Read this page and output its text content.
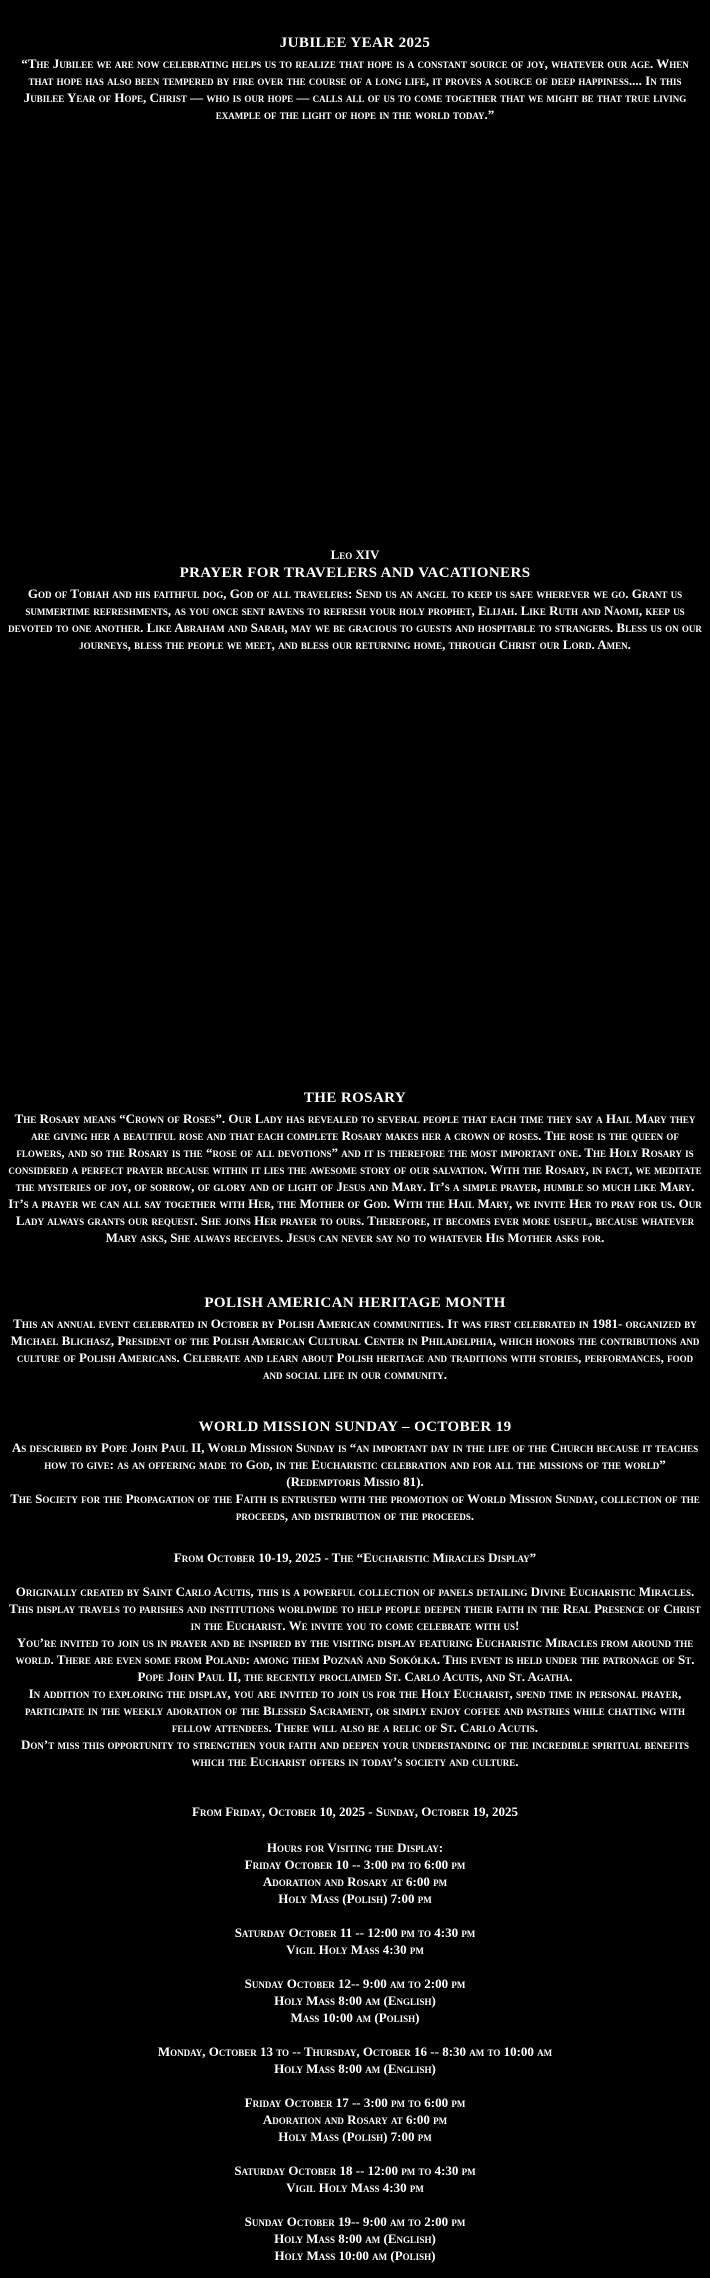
JUBILEE YEAR 2025
“The Jubilee we are now celebrating helps us to realize that hope is a constant source of joy, whatever our age. When that hope has also been tempered by fire over the course of a long life, it proves a source of deep happiness.... In this Jubilee Year of Hope, Christ — who is our hope — calls all of us to come together that we might be that true living example of the light of hope in the world today.”
Leo XIV
PRAYER FOR TRAVELERS AND VACATIONERS
God of Tobiah and his faithful dog, God of all travelers: Send us an angel to keep us safe wherever we go. Grant us summertime refreshments, as you once sent ravens to refresh your holy prophet, Elijah. Like Ruth and Naomi, keep us devoted to one another. Like Abraham and Sarah, may we be gracious to guests and hospitable to strangers. Bless us on our journeys, bless the people we meet, and bless our returning home, through Christ our Lord. Amen.
THE ROSARY
The Rosary means “Crown of Roses”. Our Lady has revealed to several people that each time they say a Hail Mary they are giving her a beautiful rose and that each complete Rosary makes her a crown of roses. The rose is the queen of flowers, and so the Rosary is the “rose of all devotions” and it is therefore the most important one. The Holy Rosary is considered a perfect prayer because within it lies the awesome story of our salvation. With the Rosary, in fact, we meditate the mysteries of joy, of sorrow, of glory and of light of Jesus and Mary. It’s a simple prayer, humble so much like Mary. It’s a prayer we can all say together with Her, the Mother of God. With the Hail Mary, we invite Her to pray for us. Our Lady always grants our request. She joins Her prayer to ours. Therefore, it becomes ever more useful, because whatever Mary asks, She always receives. Jesus can never say no to whatever His Mother asks for.
POLISH AMERICAN HERITAGE MONTH
This an annual event celebrated in October by Polish American communities. It was first celebrated in 1981- organized by Michael Blichasz, President of the Polish American Cultural Center in Philadelphia, which honors the contributions and culture of Polish Americans. Celebrate and learn about Polish heritage and traditions with stories, performances, food and social life in our community.
WORLD MISSION SUNDAY – OCTOBER 19
As described by Pope John Paul II, World Mission Sunday is “an important day in the life of the Church because it teaches how to give: as an offering made to God, in the Eucharistic celebration and for all the missions of the world” (Redemptoris Missio 81).
The Society for the Propagation of the Faith is entrusted with the promotion of World Mission Sunday, collection of the proceeds, and distribution of the proceeds.
From October 10-19, 2025 - The “Eucharistic Miracles Display”
Originally created by Saint Carlo Acutis, this is a powerful collection of panels detailing Divine Eucharistic Miracles. This display travels to parishes and institutions worldwide to help people deepen their faith in the Real Presence of Christ in the Eucharist. We invite you to come celebrate with us!
You’re invited to join us in prayer and be inspired by the visiting display featuring Eucharistic Miracles from around the world. There are even some from Poland: among them Poznań and Sokółka. This event is held under the patronage of St. Pope John Paul II, the recently proclaimed St. Carlo Acutis, and St. Agatha.
In addition to exploring the display, you are invited to join us for the Holy Eucharist, spend time in personal prayer, participate in the weekly adoration of the Blessed Sacrament, or simply enjoy coffee and pastries while chatting with fellow attendees. There will also be a relic of St. Carlo Acutis.
Don’t miss this opportunity to strengthen your faith and deepen your understanding of the incredible spiritual benefits which the Eucharist offers in today’s society and culture.
From Friday, October 10, 2025 - Sunday, October 19, 2025
Hours for Visiting the Display:
Friday October 10 -- 3:00 pm to 6:00 pm
Adoration and Rosary at 6:00 pm
Holy Mass (Polish) 7:00 pm
Saturday October 11 -- 12:00 pm to 4:30 pm
Vigil Holy Mass 4:30 pm
Sunday October 12-- 9:00 am to 2:00 pm
Holy Mass 8:00 am (English)
Mass 10:00 am (Polish)
Monday, October 13 to -- Thursday, October 16 -- 8:30 am to 10:00 am
Holy Mass 8:00 am (English)
Friday October 17 -- 3:00 pm to 6:00 pm
Adoration and Rosary at 6:00 pm
Holy Mass (Polish) 7:00 pm
Saturday October 18 -- 12:00 pm to 4:30 pm
Vigil Holy Mass 4:30 pm
Sunday October 19-- 9:00 am to 2:00 pm
Holy Mass 8:00 am (English)
Holy Mass 10:00 am (Polish)
